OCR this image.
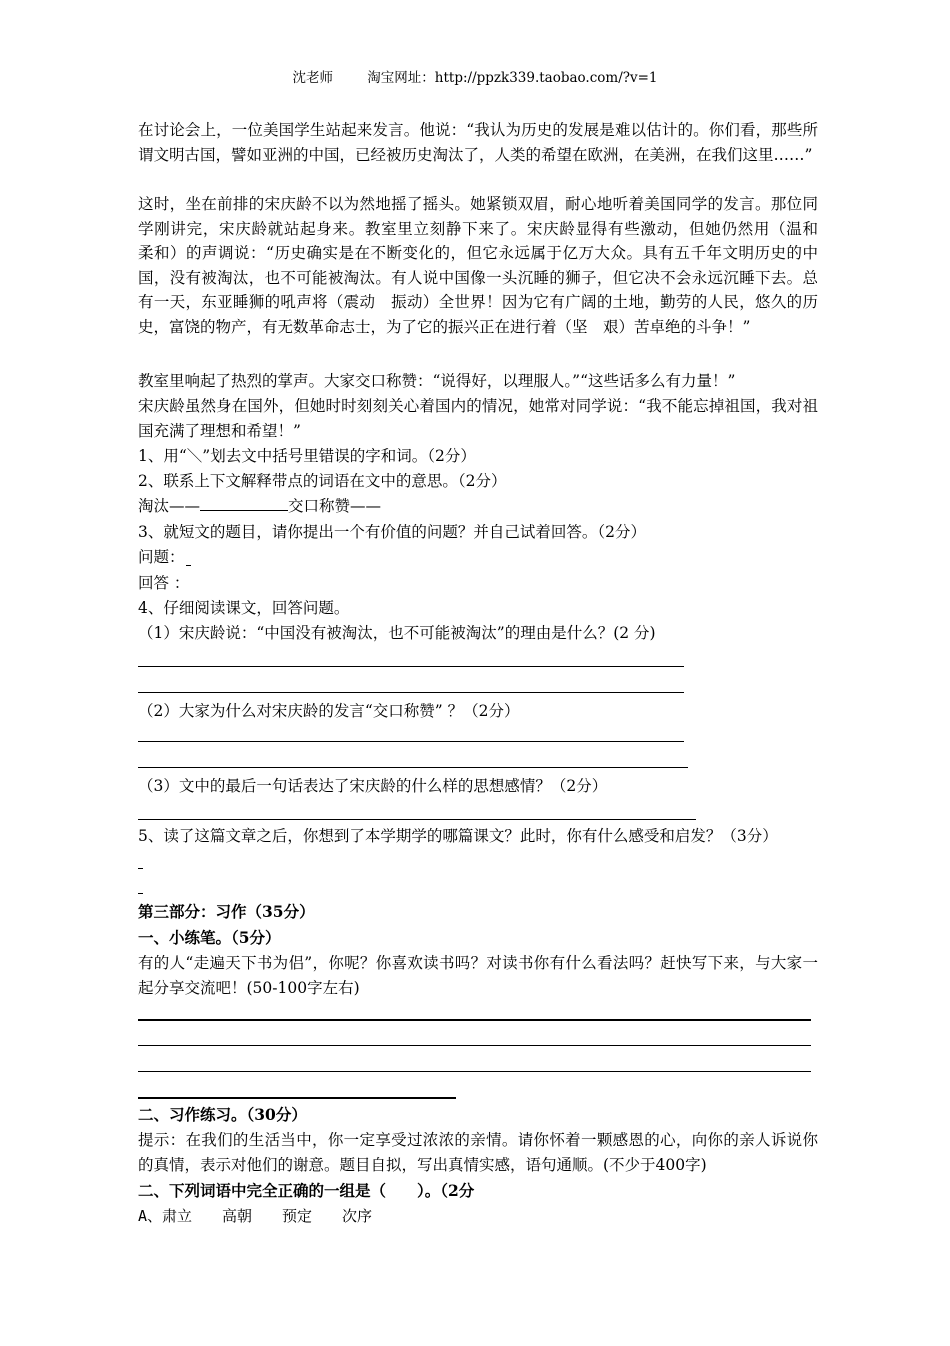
沈老师        淘宝网址：http://ppzk339.taobao.com/?v=1
在讨论会上，一位美国学生站起来发言。他说：“我认为历史的发展是难以估计的。你们看，那些所谓文明古国，譬如亚洲的中国，已经被历史淘汰了，人类的希望在欧洲，在美洲，在我们这里……”
这时，坐在前排的宋庆龄不以为然地摇了摇头。她紧锁双眉，耐心地听着美国同学的发言。那位同学刚讲完，宋庆龄就站起身来。教室里立刻静下来了。宋庆龄显得有些激动，但她仍然用（温和　柔和）的声调说：“历史确实是在不断变化的，但它永远属于亿万大众。具有五千年文明历史的中国，没有被淘汰，也不可能被淘汰。有人说中国像一头沉睡的狮子，但它决不会永远沉睡下去。总有一天，东亚睡狮的吼声将（震动　振动）全世界！因为它有广阔的土地，勤劳的人民，悠久的历史，富饶的物产，有无数革命志士，为了它的振兴正在进行着（坚　艰）苦卓绝的斗争！”
教室里响起了热烈的掌声。大家交口称赞：“说得好，以理服人。”“这些话多么有力量！”
宋庆龄虽然身在国外，但她时时刻刻关心着国内的情况，她常对同学说：“我不能忘掉祖国，我对祖国充满了理想和希望！”
1、用“＼”划去文中括号里错误的字和词。（2分）
2、联系上下文解释带点的词语在文中的意思。（2分）
淘汰——	交口称赞——
3、就短文的题目，请你提出一个有价值的问题？并自己试着回答。（2分）
问题：
回答 ：
4、仔细阅读课文，回答问题。
（1）宋庆龄说：“中国没有被淘汰，也不可能被淘汰”的理由是什么？(2 分)
（2）大家为什么对宋庆龄的发言“交口称赞” ？（2分）
（3）文中的最后一句话表达了宋庆龄的什么样的思想感情？（2分）
5、读了这篇文章之后，你想到了本学期学的哪篇课文？此时，你有什么感受和启发？（3分）
第三部分：习作（35分）
一、小练笔。（5分）
有的人“走遍天下书为侣”，你呢？你喜欢读书吗？对读书你有什么看法吗？赶快写下来，与大家一起分享交流吧！(50-100字左右)
二、习作练习。（30分）
提示：在我们的生活当中，你一定享受过浓浓的亲情。请你怀着一颗感恩的心，向你的亲人诉说你的真情，表示对他们的谢意。题目自拟，写出真情实感，语句通顺。(不少于400字)
二、下列词语中完全正确的一组是（　　）。（2分
A、肃立　　高朝　　预定　　次序
